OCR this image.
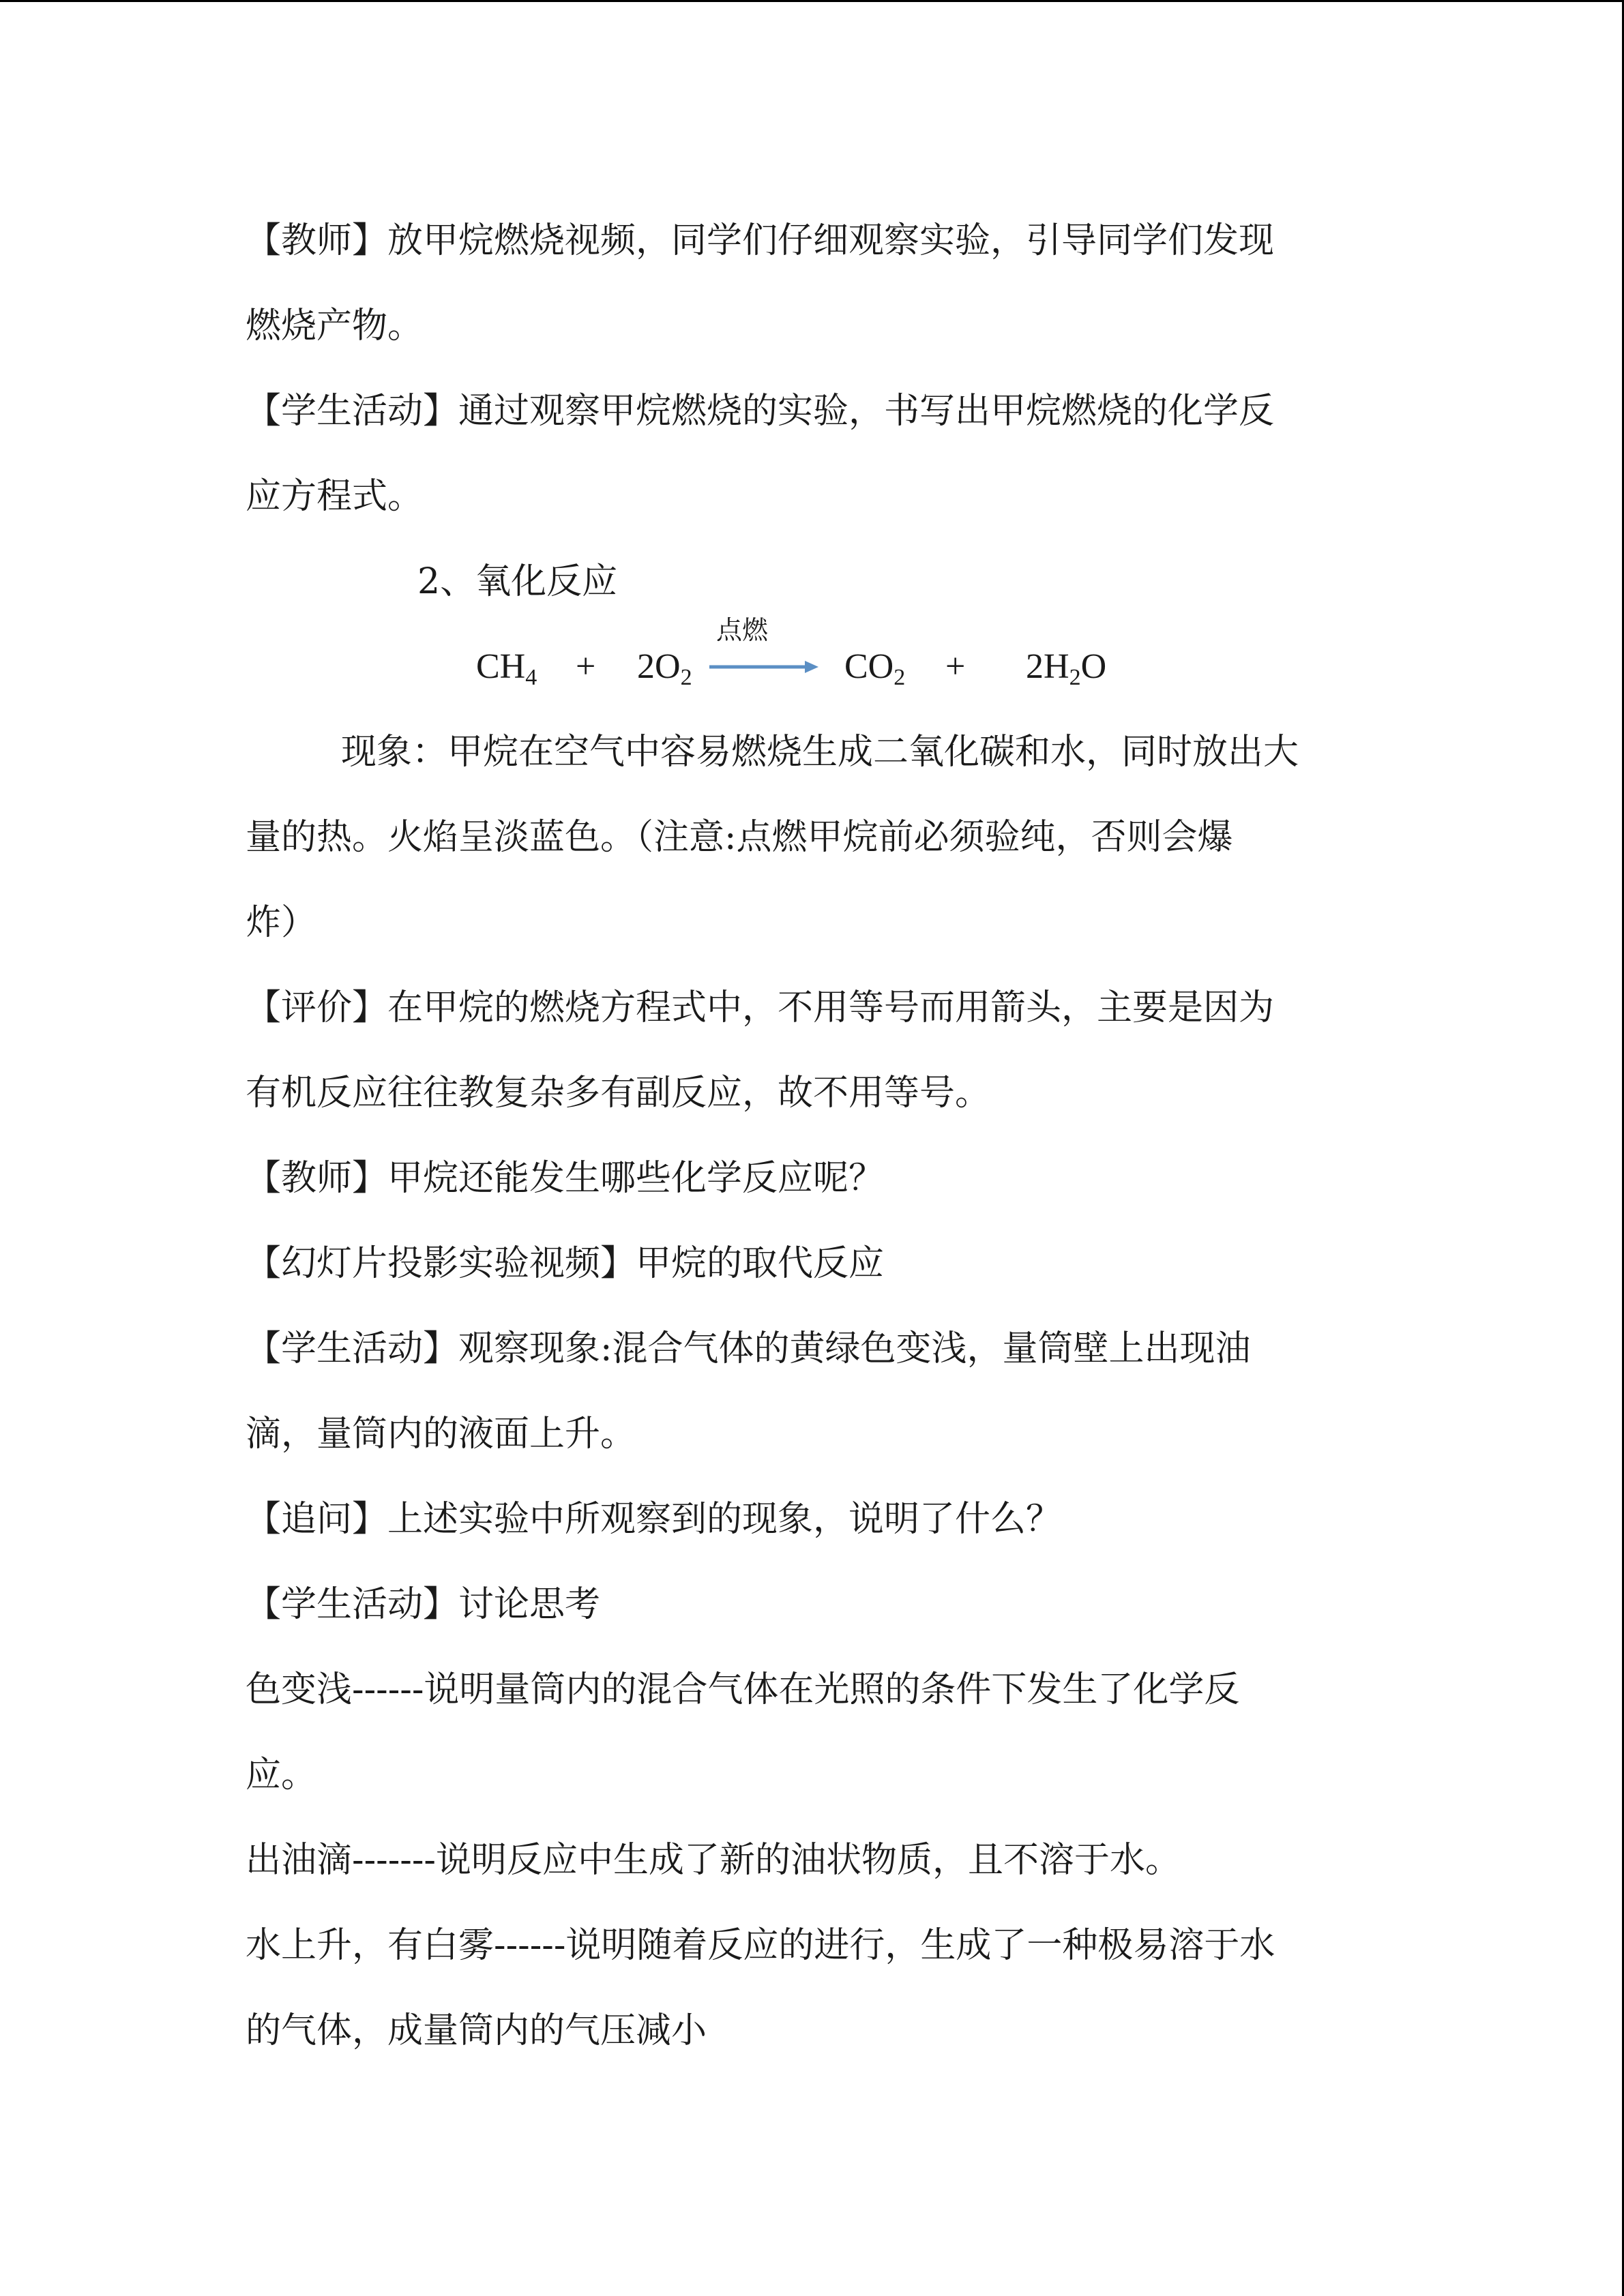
【教师】放甲烷燃烧视频，同学们仔细观察实验，引导同学们发现
燃烧产物。
【学生活动】通过观察甲烷燃烧的实验，书写出甲烷燃烧的化学反
应方程式。
2、氧化反应
$CH_4 + 2O_2$	$CO_2 + 2H_2O$
点燃
现象：甲烷在空气中容易燃烧生成二氧化碳和水，同时放出大
量的热。火焰呈淡蓝色。（注意:点燃甲烷前必须验纯，否则会爆
炸）
【评价】在甲烷的燃烧方程式中，不用等号而用箭头，主要是因为
有机反应往往教复杂多有副反应，故不用等号。
【教师】甲烷还能发生哪些化学反应呢？
【幻灯片投影实验视频】甲烷的取代反应
【学生活动】观察现象:混合气体的黄绿色变浅，量筒壁上出现油
滴，量筒内的液面上升。
【追问】上述实验中所观察到的现象，说明了什么？
【学生活动】讨论思考
色变浅------说明量筒内的混合气体在光照的条件下发生了化学反
应。
出油滴-------说明反应中生成了新的油状物质，且不溶于水。
水上升，有白雾------说明随着反应的进行，生成了一种极易溶于水
的气体，成量筒内的气压减小
